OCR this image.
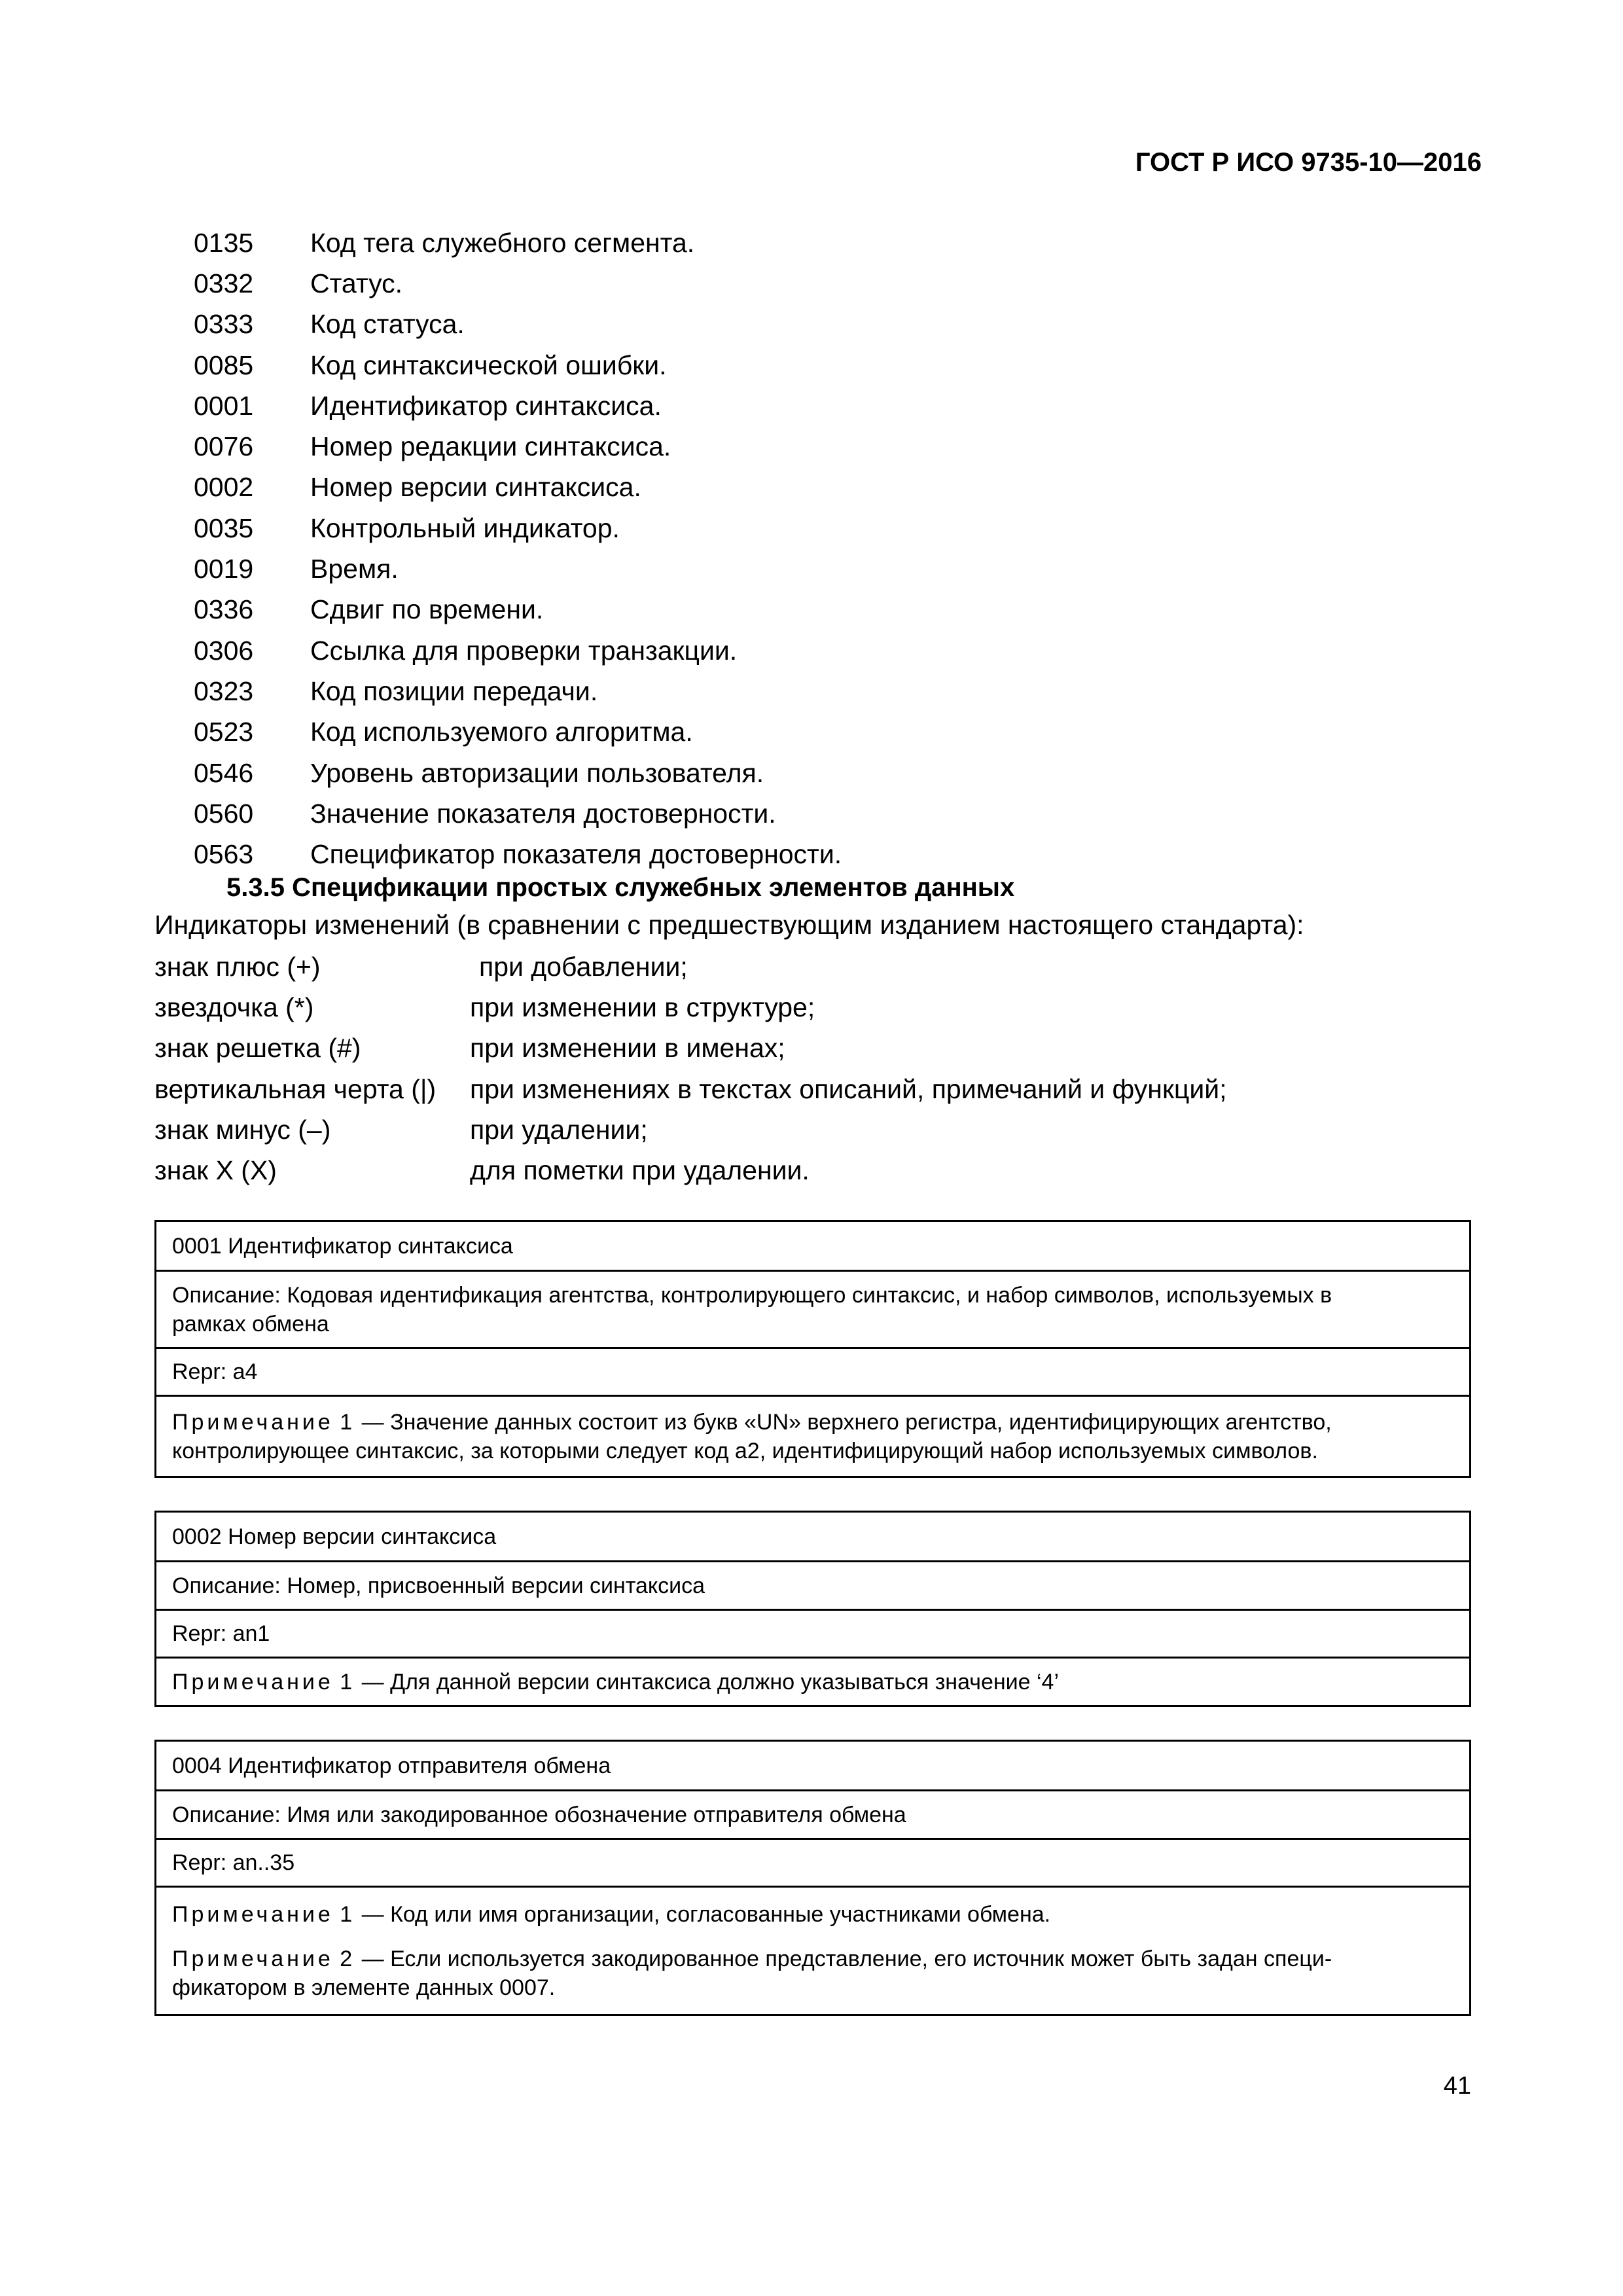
ГОСТ Р ИСО 9735-10—2016
0135	Код тега служебного сегмента.
0332	Статус.
0333	Код статуса.
0085	Код синтаксической ошибки.
0001	Идентификатор синтаксиса.
0076	Номер редакции синтаксиса.
0002	Номер версии синтаксиса.
0035	Контрольный индикатор.
0019	Время.
0336	Сдвиг по времени.
0306	Ссылка для проверки транзакции.
0323	Код позиции передачи.
0523	Код используемого алгоритма.
0546	Уровень авторизации пользователя.
0560	Значение показателя достоверности.
0563	Спецификатор показателя достоверности.
5.3.5 Спецификации простых служебных элементов данных
Индикаторы изменений (в сравнении с предшествующим изданием настоящего стандарта):
знак плюс (+)	при добавлении;
звездочка (*)	при изменении в структуре;
знак решетка (#)	при изменении в именах;
вертикальная черта (|)	при изменениях в текстах описаний, примечаний и функций;
знак минус (–)	при удалении;
знак Х (Х)	для пометки при удалении.
0001 Идентификатор синтаксиса
Описание: Кодовая идентификация агентства, контролирующего синтаксис, и набор символов, используемых в
рамках обмена
Repr: a4
Примечание 1 — Значение данных состоит из букв «UN» верхнего регистра, идентифицирующих агентство,
контролирующее синтаксис, за которыми следует код a2, идентифицирующий набор используемых символов.
0002 Номер версии синтаксиса
Описание: Номер, присвоенный версии синтаксиса
Repr: an1
Примечание 1 — Для данной версии синтаксиса должно указываться значение ‘4’
0004 Идентификатор отправителя обмена
Описание: Имя или закодированное обозначение отправителя обмена
Repr: an..35
Примечание 1 — Код или имя организации, согласованные участниками обмена.
Примечание 2 — Если используется закодированное представление, его источник может быть задан специ-
фикатором в элементе данных 0007.
41
